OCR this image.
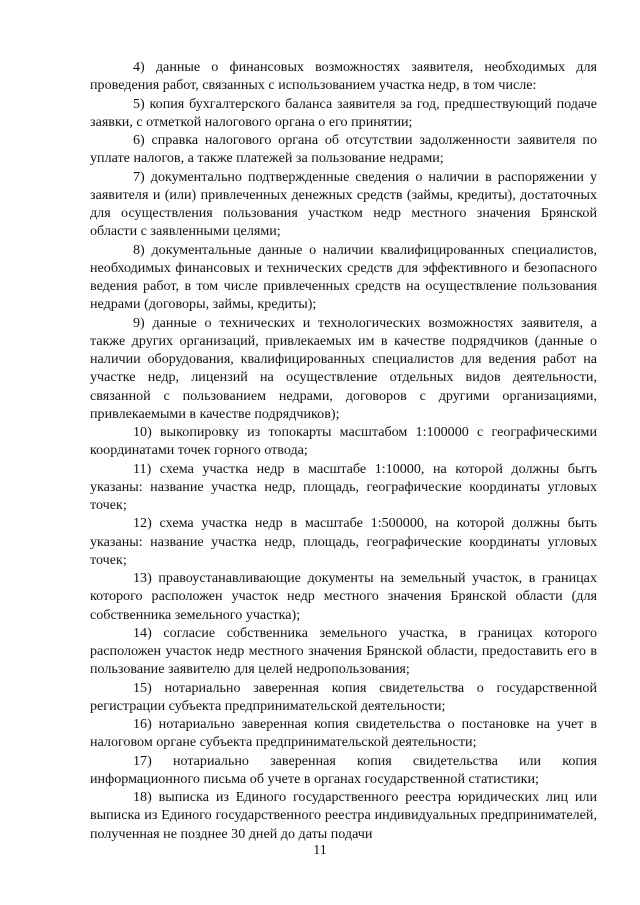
4) данные о финансовых возможностях заявителя, необходимых для проведения работ, связанных с использованием участка недр, в том числе:

5) копия бухгалтерского баланса заявителя за год, предшествующий подаче заявки, с отметкой налогового органа о его принятии;

6) справка налогового органа об отсутствии задолженности заявителя по уплате налогов, а также платежей за пользование недрами;

7) документально подтвержденные сведения о наличии в распоряжении у заявителя и (или) привлеченных денежных средств (займы, кредиты), достаточных для осуществления пользования участком недр местного значения Брянской области с заявленными целями;

8) документальные данные о наличии квалифицированных специалистов, необходимых финансовых и технических средств для эффективного и безопасного ведения работ, в том числе привлеченных средств на осуществление пользования недрами (договоры, займы, кредиты);

9) данные о технических и технологических возможностях заявителя, а также других организаций, привлекаемых им в качестве подрядчиков (данные о наличии оборудования, квалифицированных специалистов для ведения работ на участке недр, лицензий на осуществление отдельных видов деятельности, связанной с пользованием недрами, договоров с другими организациями, привлекаемыми в качестве подрядчиков);

10) выкопировку из топокарты масштабом 1:100000 с географическими координатами точек горного отвода;

11) схема участка недр в масштабе 1:10000, на которой должны быть указаны: название участка недр, площадь, географические координаты угловых точек;

12) схема участка недр в масштабе 1:500000, на которой должны быть указаны: название участка недр, площадь, географические координаты угловых точек;

13) правоустанавливающие документы на земельный участок, в границах которого расположен участок недр местного значения Брянской области (для собственника земельного участка);

14) согласие собственника земельного участка, в границах которого расположен участок недр местного значения Брянской области, предоставить его в пользование заявителю для целей недропользования;

15) нотариально заверенная копия свидетельства о государственной регистрации субъекта предпринимательской деятельности;

16) нотариально заверенная копия свидетельства о постановке на учет в налоговом органе субъекта предпринимательской деятельности;

17) нотариально заверенная копия свидетельства или копия информационного письма об учете в органах государственной статистики;

18) выписка из Единого государственного реестра юридических лиц или выписка из Единого государственного реестра индивидуальных предпринимателей, полученная не позднее 30 дней до даты подачи

11
